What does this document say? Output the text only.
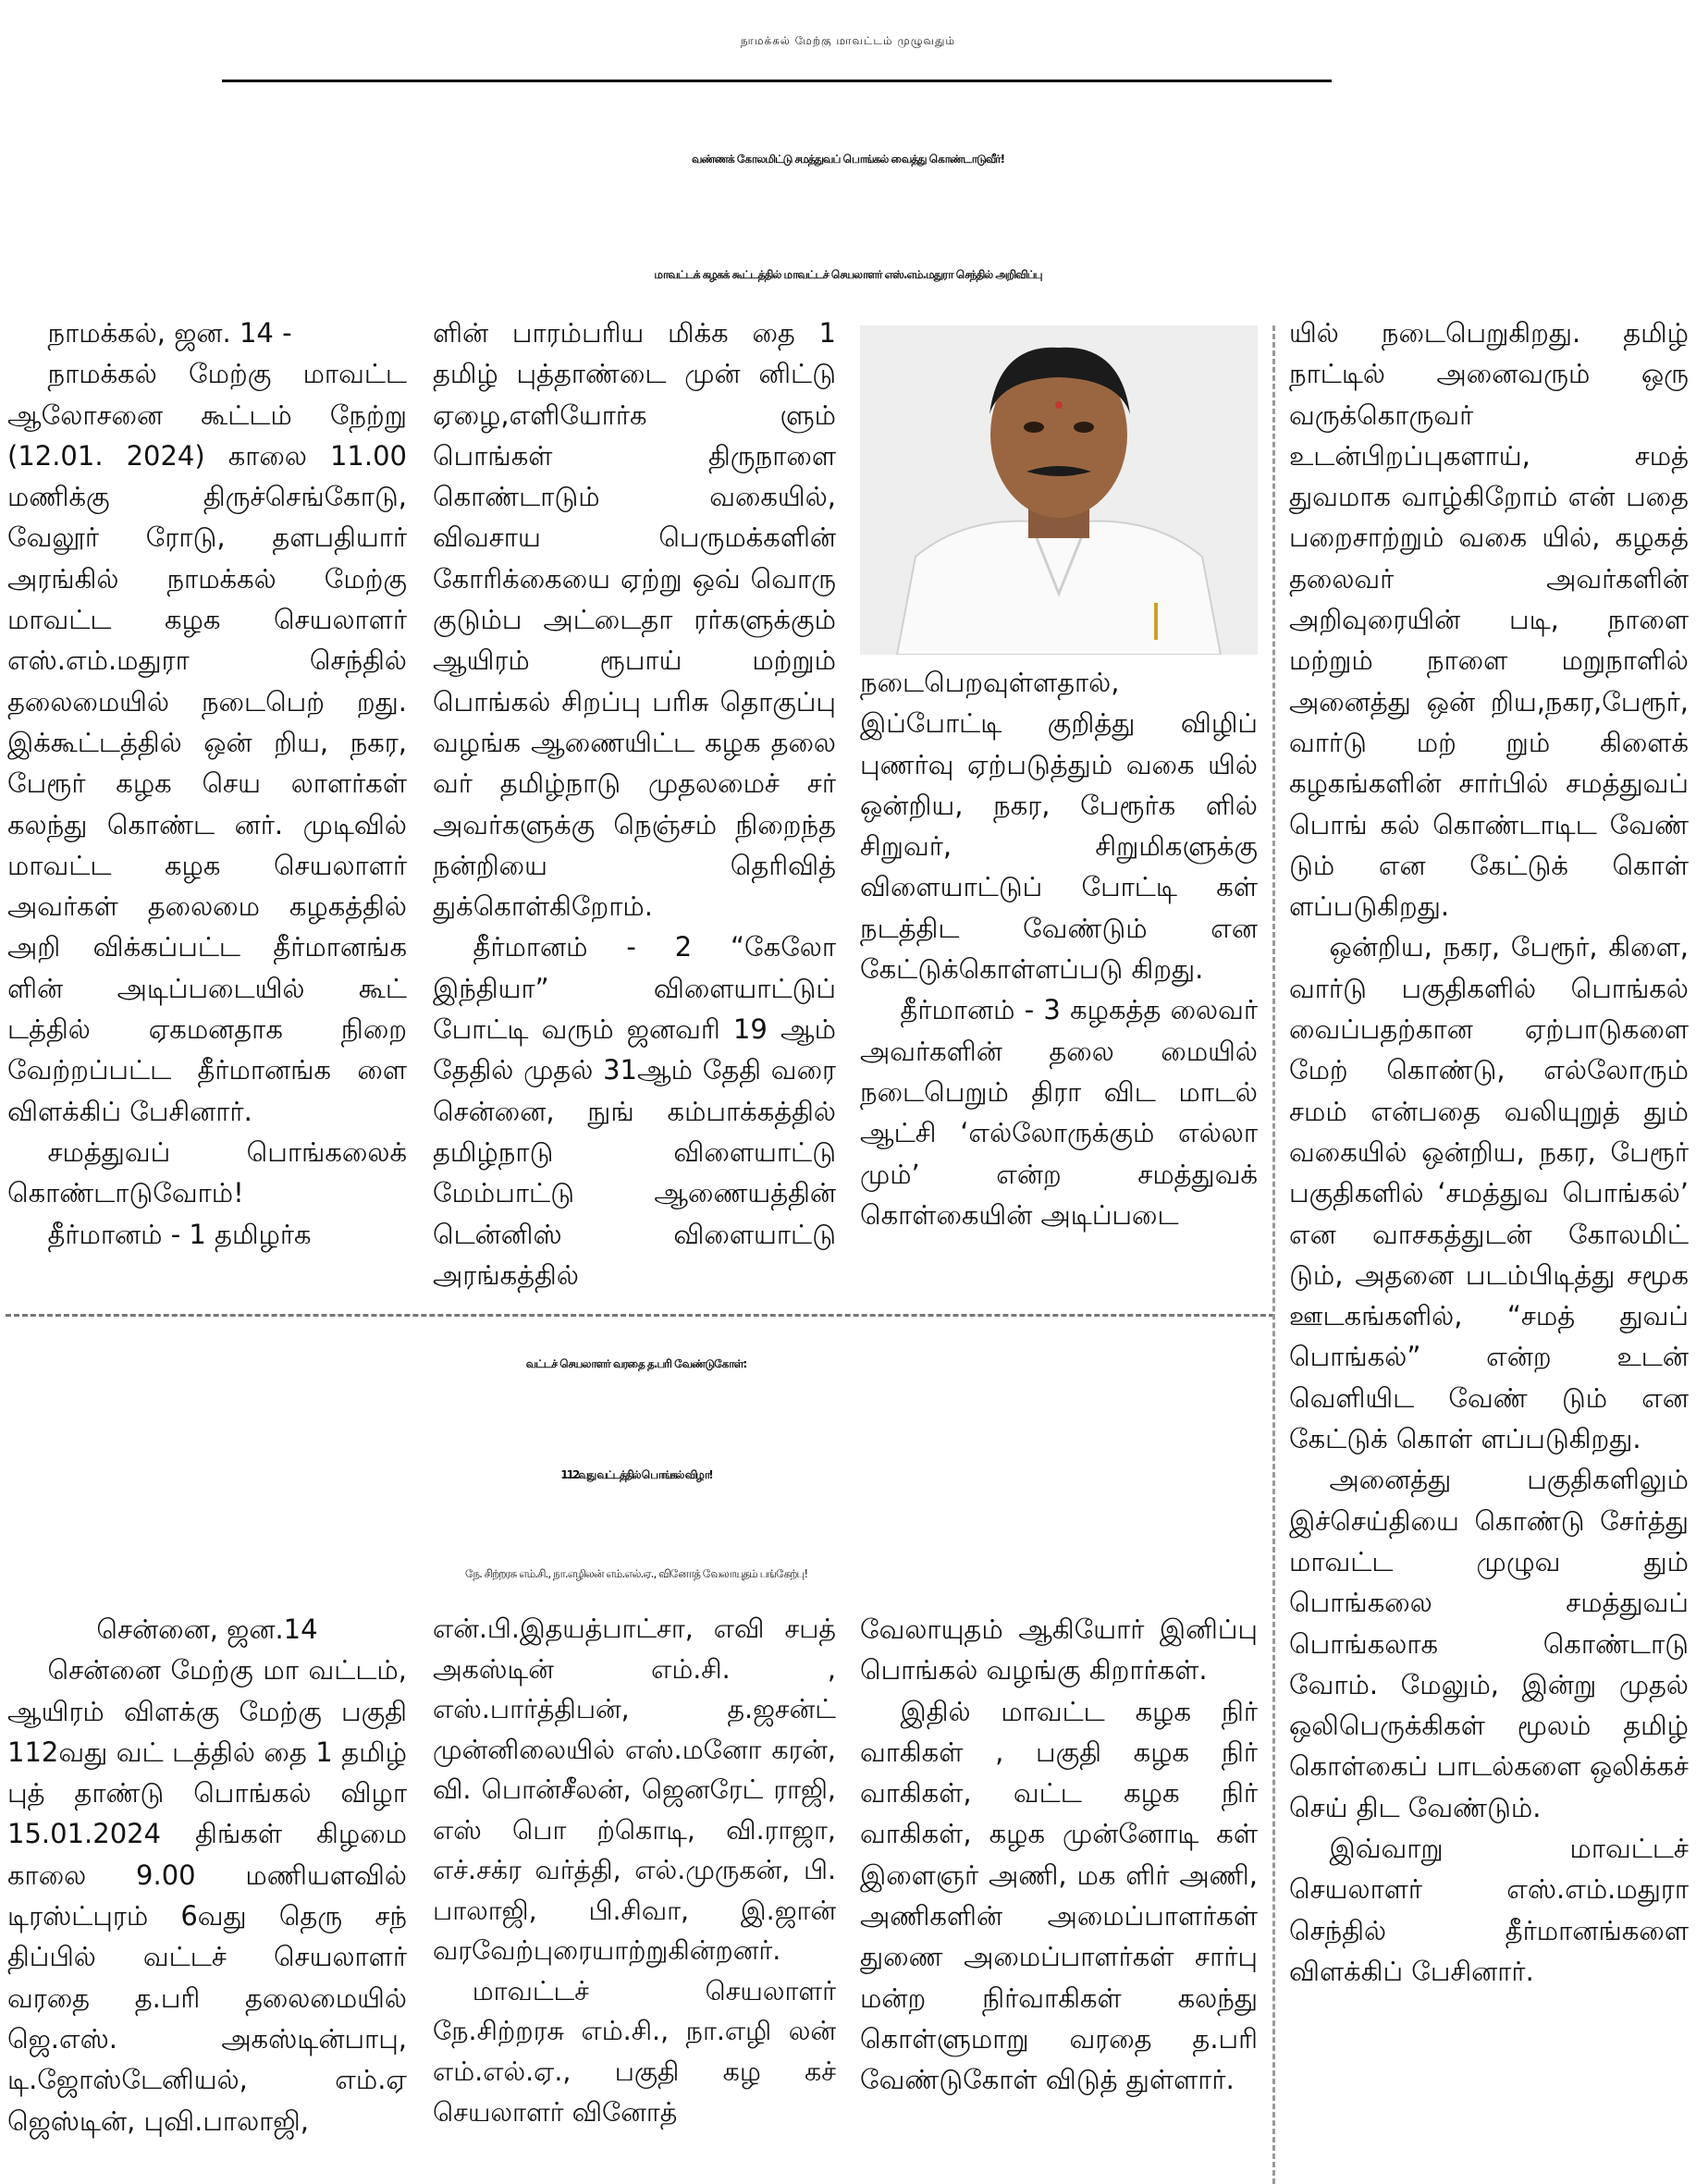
நாமக்கல் மேற்கு மாவட்டம் முழுவதும்
வண்ணக் கோலமிட்டு சமத்துவப் பொங்கல் வைத்து கொண்டாடுவீர்!
மாவட்டக் கழகக் கூட்டத்தில் மாவட்டச் செயலாளர் எஸ்.எம்.மதுரா செந்தில் அறிவிப்பு

நாமக்கல், ஜன. 14 -

நாமக்கல் மேற்கு மாவட்ட ஆலோசனை கூட்டம் நேற்று (12.01. 2024) காலை 11.00 மணிக்கு திருச்செங்கோடு, வேலூர் ரோடு, தளபதியார் அரங்கில் நாமக்கல் மேற்கு மாவட்ட கழக செயலாளர் எஸ்.எம்.மதுரா செந்தில் தலைமையில் நடைபெற் றது. இக்கூட்டத்தில் ஒன் றிய, நகர, பேரூர் கழக செய லாளர்கள் கலந்து கொண்ட னர். முடிவில் மாவட்ட கழக செயலாளர் அவர்கள் தலைமை கழகத்தில் அறி விக்கப்பட்ட தீர்மானங்க ளின் அடிப்படையில் கூட் டத்தில் ஏகமனதாக நிறை வேற்றப்பட்ட தீர்மானங்க ளை விளக்கிப் பேசினார்.

சமத்துவப் பொங்கலைக் கொண்டாடுவோம்!

தீர்மானம் - 1 தமிழர்க

ளின் பாரம்பரிய மிக்க தை 1 தமிழ் புத்தாண்டை முன் னிட்டு ஏழை,எளியோர்க ளும் பொங்கள் திருநாளை கொண்டாடும் வகையில், விவசாய பெருமக்களின் கோரிக்கையை ஏற்று ஒவ் வொரு குடும்ப அட்டைதா ரர்களுக்கும் ஆயிரம் ரூபாய் மற்றும் பொங்கல் சிறப்பு பரிசு தொகுப்பு வழங்க ஆணையிட்ட கழக தலை வர் தமிழ்நாடு முதலமைச் சர் அவர்களுக்கு நெஞ்சம் நிறைந்த நன்றியை தெரிவித் துக்கொள்கிறோம்.

தீர்மானம் - 2 “கேலோ இந்தியா” விளையாட்டுப் போட்டி வரும் ஜனவரி 19 ஆம் தேதில் முதல் 31ஆம் தேதி வரை சென்னை, நுங் கம்பாக்கத்தில் தமிழ்நாடு விளையாட்டு மேம்பாட்டு ஆணையத்தின் டென்னிஸ் விளையாட்டு அரங்கத்தில்

நடைபெறவுள்ளதால், இப்போட்டி குறித்து விழிப் புணர்வு ஏற்படுத்தும் வகை யில் ஒன்றிய, நகர, பேரூர்க ளில் சிறுவர், சிறுமிகளுக்கு விளையாட்டுப் போட்டி கள் நடத்திட வேண்டும் என கேட்டுக்கொள்ளப்படு கிறது.

தீர்மானம் - 3 கழகத்த லைவர் அவர்களின் தலை மையில் நடைபெறும் திரா விட மாடல் ஆட்சி ‘எல்லோருக்கும் எல்லா மும்’ என்ற சமத்துவக் கொள்கையின் அடிப்படை

யில் நடைபெறுகிறது. தமிழ் நாட்டில் அனைவரும் ஒரு வருக்கொருவர் உடன்பிறப்புகளாய், சமத் துவமாக வாழ்கிறோம் என் பதை பறைசாற்றும் வகை யில், கழகத் தலைவர் அவர்களின் அறிவுரையின் படி, நாளை மற்றும் நாளை மறுநாளில் அனைத்து ஒன் றிய,நகர,பேரூர், வார்டு மற் றும் கிளைக் கழகங்களின் சார்பில் சமத்துவப் பொங் கல் கொண்டாடிட வேண் டும் என கேட்டுக் கொள் ளப்படுகிறது.

ஒன்றிய, நகர, பேரூர், கிளை, வார்டு பகுதிகளில் பொங்கல் வைப்பதற்கான ஏற்பாடுகளை மேற் கொண்டு, எல்லோரும் சமம் என்பதை வலியுறுத் தும் வகையில் ஒன்றிய, நகர, பேரூர் பகுதிகளில் ‘சமத்துவ பொங்கல்’ என வாசகத்துடன் கோலமிட் டும், அதனை படம்பிடித்து சமூக ஊடகங்களில், “சமத் துவப் பொங்கல்” என்ற உடன் வெளியிட வேண் டும் என கேட்டுக் கொள் ளப்படுகிறது.

அனைத்து பகுதிகளிலும் இச்செய்தியை கொண்டு சேர்த்து மாவட்ட முழுவ தும் பொங்கலை சமத்துவப் பொங்கலாக கொண்டாடு வோம். மேலும், இன்று முதல் ஒலிபெருக்கிகள் மூலம் தமிழ் கொள்கைப் பாடல்களை ஒலிக்கச் செய் திட வேண்டும்.

இவ்வாறு மாவட்டச் செயலாளர் எஸ்.எம்.மதுரா செந்தில் தீர்மானங்களை விளக்கிப் பேசினார்.

வட்டச் செயலாளர் வரதை த.பரி வேண்டுகோள்:
112வது வட்டத்தில் பொங்கல் விழா!
நே. சிற்றரசு எம்.சி., நா.எழிலன் எம்.எல்.ஏ., வினோத் வேலாயுதம் பங்கேற்பு!

சென்னை, ஜன.14

சென்னை மேற்கு மா வட்டம், ஆயிரம் விளக்கு மேற்கு பகுதி 112வது வட் டத்தில் தை 1 தமிழ் புத் தாண்டு பொங்கல் விழா 15.01.2024 திங்கள் கிழமை காலை 9.00 மணியளவில் டிரஸ்ட்புரம் 6வது தெரு சந் திப்பில் வட்டச் செயலாளர் வரதை த.பரி தலைமையில் ஜெ.எஸ். அகஸ்டின்பாபு, டி.ஜோஸ்டேனியல், எம்.ஏ ஜெஸ்டின், புவி.பாலாஜி,

என்.பி.இதயத்பாட்சா, எவி சபத் அகஸ்டின் எம்.சி. , எஸ்.பார்த்திபன், த.ஜசன்ட் முன்னிலையில் எஸ்.மனோ கரன், வி. பொன்சீலன், ஜெனரேட் ராஜி, எஸ் பொ ற்கொடி, வி.ராஜா, எச்.சக்ர வர்த்தி, எல்.முருகன், பி. பாலாஜி, பி.சிவா, இ.ஜான் வரவேற்புரையாற்றுகின்றனர்.

மாவட்டச் செயலாளர் நே.சிற்றரசு எம்.சி., நா.எழி லன் எம்.எல்.ஏ., பகுதி கழ கச் செயலாளர் வினோத்

வேலாயுதம் ஆகியோர் இனிப்பு பொங்கல் வழங்கு கிறார்கள்.

இதில் மாவட்ட கழக நிர் வாகிகள் , பகுதி கழக நிர் வாகிகள், வட்ட கழக நிர் வாகிகள், கழக முன்னோடி கள் இளைஞர் அணி, மக ளிர் அணி, அணிகளின் அமைப்பாளர்கள் துணை அமைப்பாளர்கள் சார்பு மன்ற நிர்வாகிகள் கலந்து கொள்ளுமாறு வரதை த.பரி வேண்டுகோள் விடுத் துள்ளார்.
